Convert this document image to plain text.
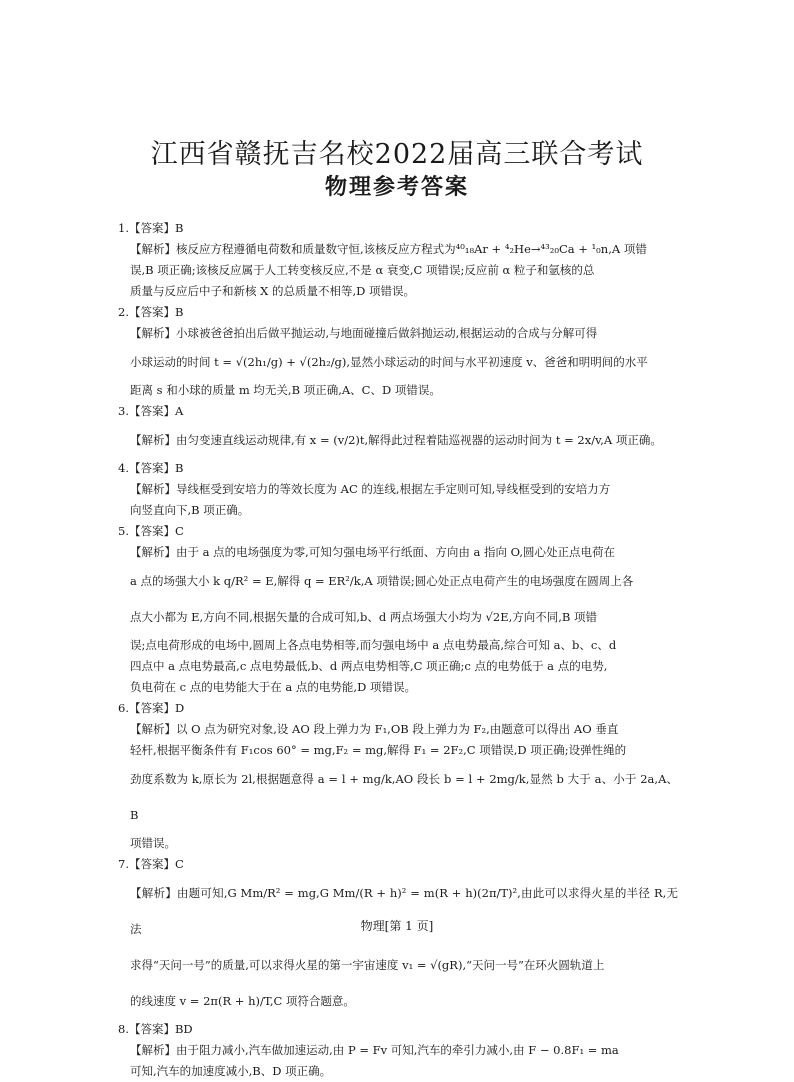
江西省赣抚吉名校2022届高三联合考试
物理参考答案
1.【答案】B
【解析】核反应方程遵循电荷数和质量数守恒,该核反应方程式为⁴⁰₁₈Ar + ⁴₂He→⁴³₂₀Ca + ¹₀n,A 项错
误,B 项正确;该核反应属于人工转变核反应,不是 α 衰变,C 项错误;反应前 α 粒子和氩核的总
质量与反应后中子和新核 X 的总质量不相等,D 项错误。
2.【答案】B
【解析】小球被爸爸拍出后做平抛运动,与地面碰撞后做斜抛运动,根据运动的合成与分解可得
小球运动的时间 t = √(2h₁/g) + √(2h₂/g),显然小球运动的时间与水平初速度 v、爸爸和明明间的水平
距离 s 和小球的质量 m 均无关,B 项正确,A、C、D 项错误。
3.【答案】A
【解析】由匀变速直线运动规律,有 x = (v/2)t,解得此过程着陆巡视器的运动时间为 t = 2x/v,A 项正确。
4.【答案】B
【解析】导线框受到安培力的等效长度为 AC 的连线,根据左手定则可知,导线框受到的安培力方
向竖直向下,B 项正确。
5.【答案】C
【解析】由于 a 点的电场强度为零,可知匀强电场平行纸面、方向由 a 指向 O,圆心处正点电荷在
a 点的场强大小 k q/R² = E,解得 q = ER²/k,A 项错误;圆心处正点电荷产生的电场强度在圆周上各
点大小都为 E,方向不同,根据矢量的合成可知,b、d 两点场强大小均为 √2E,方向不同,B 项错
误;点电荷形成的电场中,圆周上各点电势相等,而匀强电场中 a 点电势最高,综合可知 a、b、c、d
四点中 a 点电势最高,c 点电势最低,b、d 两点电势相等,C 项正确;c 点的电势低于 a 点的电势,
负电荷在 c 点的电势能大于在 a 点的电势能,D 项错误。
6.【答案】D
【解析】以 O 点为研究对象,设 AO 段上弹力为 F₁,OB 段上弹力为 F₂,由题意可以得出 AO 垂直
轻杆,根据平衡条件有 F₁cos 60° = mg,F₂ = mg,解得 F₁ = 2F₂,C 项错误,D 项正确;设弹性绳的
劲度系数为 k,原长为 2l,根据题意得 a = l + mg/k,AO 段长 b = l + 2mg/k,显然 b 大于 a、小于 2a,A、B
项错误。
7.【答案】C
【解析】由题可知,G Mm/R² = mg,G Mm/(R + h)² = m(R + h)(2π/T)²,由此可以求得火星的半径 R,无法
求得“天问一号”的质量,可以求得火星的第一宇宙速度 v₁ = √(gR),“天问一号”在环火圆轨道上
的线速度 v = 2π(R + h)/T,C 项符合题意。
8.【答案】BD
【解析】由于阻力减小,汽车做加速运动,由 P = Fv 可知,汽车的牵引力减小,由 F − 0.8F₁ = ma
可知,汽车的加速度减小,B、D 项正确。
物理[第 1 页]
